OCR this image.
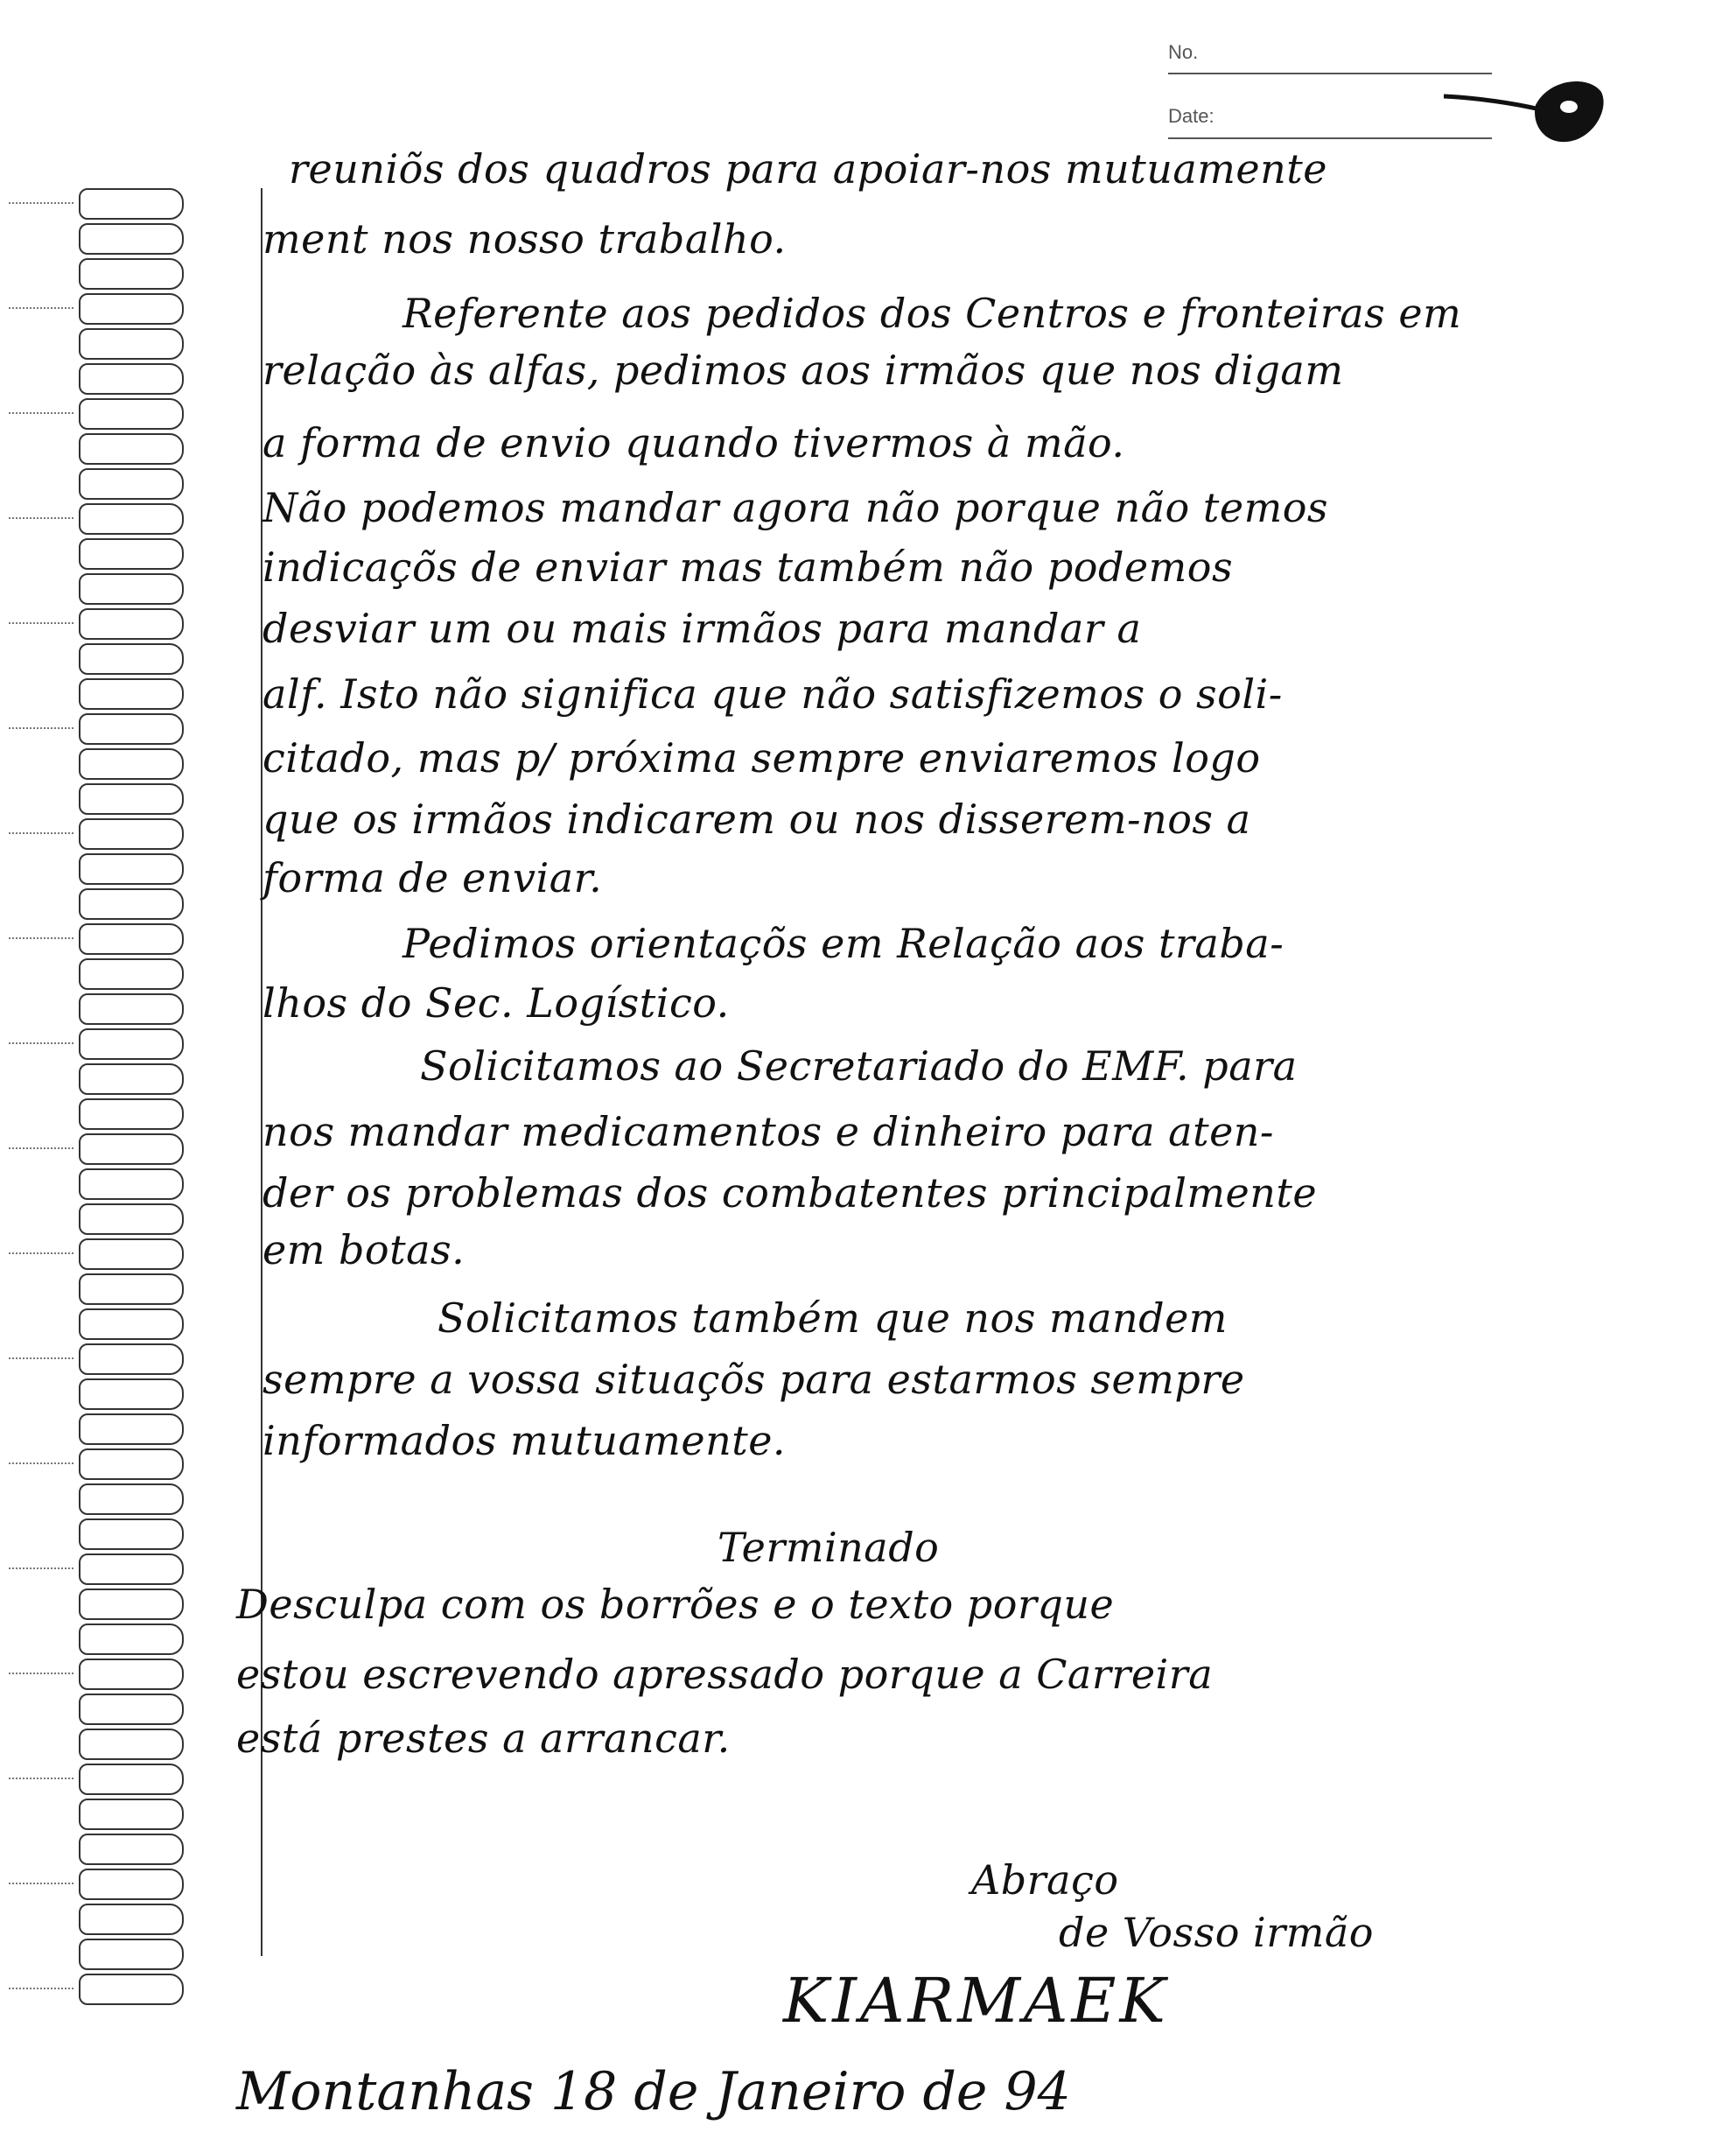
No.
Date:
reuniõs dos quadros para apoiar-nos mutuamente
ment nos nosso trabalho.
Referente aos pedidos dos Centros e fronteiras em
relação às alfas, pedimos aos irmãos que nos digam
a forma de envio quando tivermos à mão.
Não podemos mandar agora não porque não temos
indicaçõs de enviar mas também não podemos
desviar um ou mais irmãos para mandar a
alf. Isto não significa que não satisfizemos o soli-
citado, mas p/ próxima sempre enviaremos logo
que os irmãos indicarem ou nos disserem-nos a
forma de enviar.
Pedimos orientaçõs em Relação aos traba-
lhos do Sec. Logístico.
Solicitamos ao Secretariado do EMF. para
nos mandar medicamentos e dinheiro para aten-
der os problemas dos combatentes principalmente
em botas.
Solicitamos também que nos mandem
sempre a vossa situaçõs para estarmos sempre
informados mutuamente.
Terminado
Desculpa com os borrões e o texto porque
estou escrevendo apressado porque a Carreira
está prestes a arrancar.
Abraço
de Vosso irmão
KIARMAEK
Montanhas 18 de Janeiro de 94
